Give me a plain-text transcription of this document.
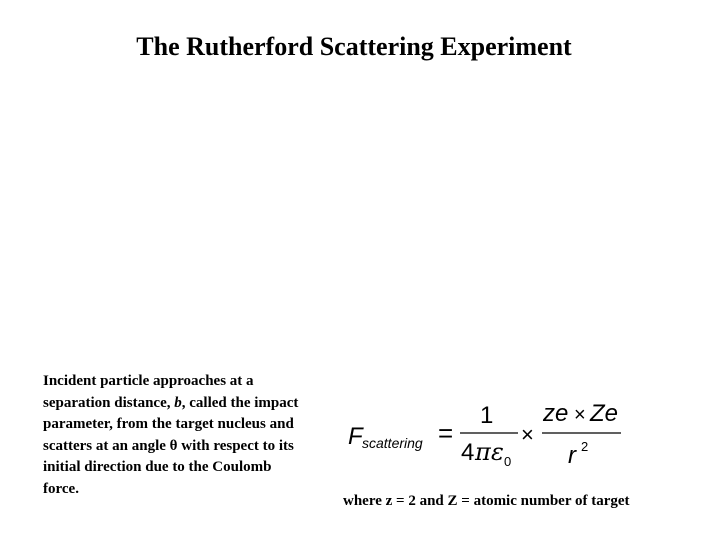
The Rutherford Scattering Experiment
Incident particle approaches at a separation distance, b, called the impact parameter, from the target nucleus and scatters at an angle θ with respect to its initial direction due to the Coulomb force.
F scattering =
1
4 π ε 0
×
ze × Ze
r 2
where z = 2 and Z = atomic number of target
